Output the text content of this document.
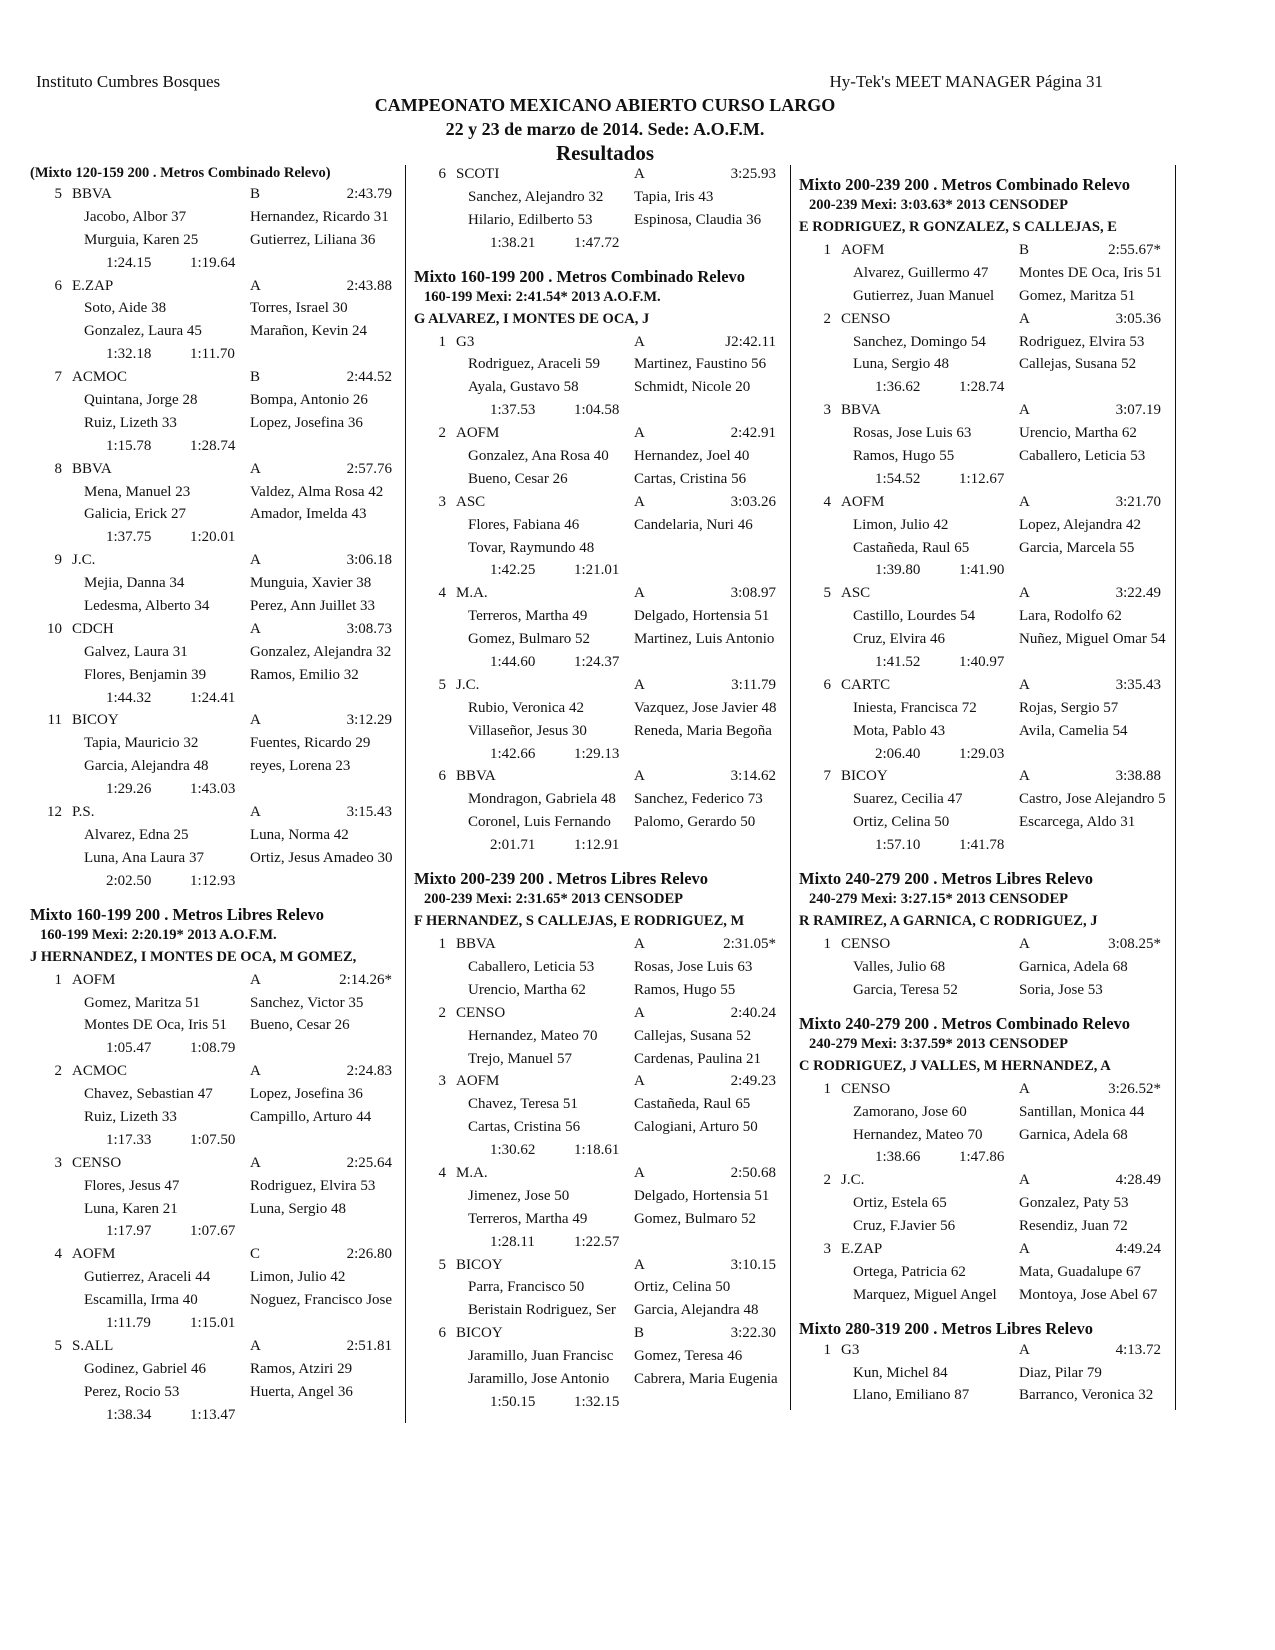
Instituto Cumbres Bosques	Hy-Tek's MEET MANAGER Página 31
CAMPEONATO MEXICANO ABIERTO CURSO LARGO
22 y 23 de marzo de 2014. Sede: A.O.F.M.
Resultados
(Mixto 120-159 200 . Metros Combinado Relevo)
5 BBVA	B	2:43.79
Jacobo, Albor 37	Hernandez, Ricardo 31
Murguia, Karen 25	Gutierrez, Liliana 36
1:24.15	1:19.64
6 E.ZAP	A	2:43.88
Soto, Aide 38	Torres, Israel 30
Gonzalez, Laura 45	Marañon, Kevin 24
1:32.18	1:11.70
7 ACMOC	B	2:44.52
Quintana, Jorge 28	Bompa, Antonio 26
Ruiz, Lizeth 33	Lopez, Josefina 36
1:15.78	1:28.74
8 BBVA	A	2:57.76
Mena, Manuel 23	Valdez, Alma Rosa 42
Galicia, Erick 27	Amador, Imelda 43
1:37.75	1:20.01
9 J.C.	A	3:06.18
Mejia, Danna 34	Munguia, Xavier 38
Ledesma, Alberto 34	Perez, Ann Juillet 33
10 CDCH	A	3:08.73
Galvez, Laura 31	Gonzalez, Alejandra 32
Flores, Benjamin 39	Ramos, Emilio 32
1:44.32	1:24.41
11 BICOY	A	3:12.29
Tapia, Mauricio 32	Fuentes, Ricardo 29
Garcia, Alejandra 48	reyes, Lorena 23
1:29.26	1:43.03
12 P.S.	A	3:15.43
Alvarez, Edna 25	Luna, Norma 42
Luna, Ana Laura 37	Ortiz, Jesus Amadeo 30
2:02.50	1:12.93
Mixto 160-199 200 . Metros Libres Relevo
160-199 Mexi: 2:20.19* 2013 A.O.F.M.
J HERNANDEZ, I MONTES DE OCA, M GOMEZ,
1 AOFM	A	2:14.26*
Gomez, Maritza 51	Sanchez, Victor 35
Montes DE Oca, Iris 51	Bueno, Cesar 26
1:05.47	1:08.79
2 ACMOC	A	2:24.83
Chavez, Sebastian 47	Lopez, Josefina 36
Ruiz, Lizeth 33	Campillo, Arturo 44
1:17.33	1:07.50
3 CENSO	A	2:25.64
Flores, Jesus 47	Rodriguez, Elvira 53
Luna, Karen 21	Luna, Sergio 48
1:17.97	1:07.67
4 AOFM	C	2:26.80
Gutierrez, Araceli 44	Limon, Julio 42
Escamilla, Irma 40	Noguez, Francisco Jose
1:11.79	1:15.01
5 S.ALL	A	2:51.81
Godinez, Gabriel 46	Ramos, Atziri 29
Perez, Rocio 53	Huerta, Angel 36
1:38.34	1:13.47
6 SCOTI	A	3:25.93
Sanchez, Alejandro 32	Tapia, Iris 43
Hilario, Edilberto 53	Espinosa, Claudia 36
1:38.21	1:47.72
Mixto 160-199 200 . Metros Combinado Relevo
160-199 Mexi: 2:41.54* 2013 A.O.F.M.
G ALVAREZ, I MONTES DE OCA, J
1 G3	A	J2:42.11
Rodriguez, Araceli 59	Martinez, Faustino 56
Ayala, Gustavo 58	Schmidt, Nicole 20
1:37.53	1:04.58
2 AOFM	A	2:42.91
Gonzalez, Ana Rosa 40	Hernandez, Joel 40
Bueno, Cesar 26	Cartas, Cristina 56
3 ASC	A	3:03.26
Flores, Fabiana 46	Candelaria, Nuri 46
Tovar, Raymundo 48
1:42.25	1:21.01
4 M.A.	A	3:08.97
Terreros, Martha 49	Delgado, Hortensia 51
Gomez, Bulmaro 52	Martinez, Luis Antonio
1:44.60	1:24.37
5 J.C.	A	3:11.79
Rubio, Veronica 42	Vazquez, Jose Javier 48
Villaseñor, Jesus 30	Reneda, Maria Begoña
1:42.66	1:29.13
6 BBVA	A	3:14.62
Mondragon, Gabriela 48	Sanchez, Federico 73
Coronel, Luis Fernando	Palomo, Gerardo 50
2:01.71	1:12.91
Mixto 200-239 200 . Metros Libres Relevo
200-239 Mexi: 2:31.65* 2013 CENSODEP
F HERNANDEZ, S CALLEJAS, E RODRIGUEZ, M
1 BBVA	A	2:31.05*
Caballero, Leticia 53	Rosas, Jose Luis 63
Urencio, Martha 62	Ramos, Hugo 55
2 CENSO	A	2:40.24
Hernandez, Mateo 70	Callejas, Susana 52
Trejo, Manuel 57	Cardenas, Paulina 21
3 AOFM	A	2:49.23
Chavez, Teresa 51	Castañeda, Raul 65
Cartas, Cristina 56	Calogiani, Arturo 50
1:30.62	1:18.61
4 M.A.	A	2:50.68
Jimenez, Jose 50	Delgado, Hortensia 51
Terreros, Martha 49	Gomez, Bulmaro 52
1:28.11	1:22.57
5 BICOY	A	3:10.15
Parra, Francisco 50	Ortiz, Celina 50
Beristain Rodriguez, Ser	Garcia, Alejandra 48
6 BICOY	B	3:22.30
Jaramillo, Juan Francisc	Gomez, Teresa 46
Jaramillo, Jose Antonio	Cabrera, Maria Eugenia
1:50.15	1:32.15
Mixto 200-239 200 . Metros Combinado Relevo
200-239 Mexi: 3:03.63* 2013 CENSODEP
E RODRIGUEZ, R GONZALEZ, S CALLEJAS, E
1 AOFM	B	2:55.67*
Alvarez, Guillermo 47	Montes DE Oca, Iris 51
Gutierrez, Juan Manuel	Gomez, Maritza 51
2 CENSO	A	3:05.36
Sanchez, Domingo 54	Rodriguez, Elvira 53
Luna, Sergio 48	Callejas, Susana 52
1:36.62	1:28.74
3 BBVA	A	3:07.19
Rosas, Jose Luis 63	Urencio, Martha 62
Ramos, Hugo 55	Caballero, Leticia 53
1:54.52	1:12.67
4 AOFM	A	3:21.70
Limon, Julio 42	Lopez, Alejandra 42
Castañeda, Raul 65	Garcia, Marcela 55
1:39.80	1:41.90
5 ASC	A	3:22.49
Castillo, Lourdes 54	Lara, Rodolfo 62
Cruz, Elvira 46	Nuñez, Miguel Omar 54
1:41.52	1:40.97
6 CARTC	A	3:35.43
Iniesta, Francisca 72	Rojas, Sergio 57
Mota, Pablo 43	Avila, Camelia 54
2:06.40	1:29.03
7 BICOY	A	3:38.88
Suarez, Cecilia 47	Castro, Jose Alejandro 5
Ortiz, Celina 50	Escarcega, Aldo 31
1:57.10	1:41.78
Mixto 240-279 200 . Metros Libres Relevo
240-279 Mexi: 3:27.15* 2013 CENSODEP
R RAMIREZ, A GARNICA, C RODRIGUEZ, J
1 CENSO	A	3:08.25*
Valles, Julio 68	Garnica, Adela 68
Garcia, Teresa 52	Soria, Jose 53
Mixto 240-279 200 . Metros Combinado Relevo
240-279 Mexi: 3:37.59* 2013 CENSODEP
C RODRIGUEZ, J VALLES, M HERNANDEZ, A
1 CENSO	A	3:26.52*
Zamorano, Jose 60	Santillan, Monica 44
Hernandez, Mateo 70	Garnica, Adela 68
1:38.66	1:47.86
2 J.C.	A	4:28.49
Ortiz, Estela 65	Gonzalez, Paty 53
Cruz, F.Javier 56	Resendiz, Juan 72
3 E.ZAP	A	4:49.24
Ortega, Patricia 62	Mata, Guadalupe 67
Marquez, Miguel Angel	Montoya, Jose Abel 67
Mixto 280-319 200 . Metros Libres Relevo
1 G3	A	4:13.72
Kun, Michel 84	Diaz, Pilar 79
Llano, Emiliano 87	Barranco, Veronica 32
